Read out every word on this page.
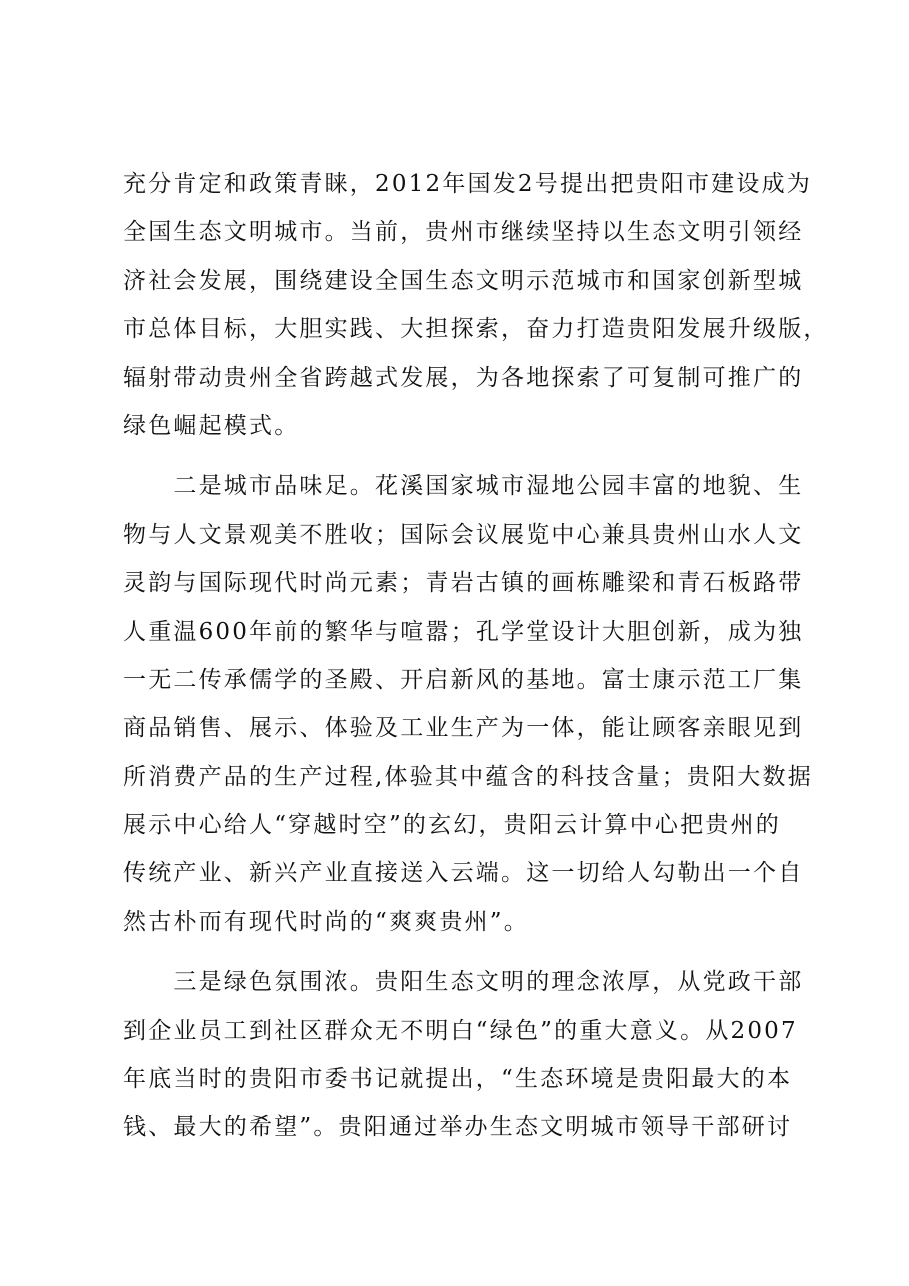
充分肯定和政策青睐，2012年国发2号提出把贵阳市建设成为
全国生态文明城市。当前，贵州市继续坚持以生态文明引领经
济社会发展，围绕建设全国生态文明示范城市和国家创新型城
市总体目标，大胆实践、大担探索，奋力打造贵阳发展升级版，
辐射带动贵州全省跨越式发展，为各地探索了可复制可推广的
绿色崛起模式。
　　二是城市品味足。花溪国家城市湿地公园丰富的地貌、生
物与人文景观美不胜收；国际会议展览中心兼具贵州山水人文
灵韵与国际现代时尚元素；青岩古镇的画栋雕梁和青石板路带
人重温600年前的繁华与喧嚣；孔学堂设计大胆创新，成为独
一无二传承儒学的圣殿、开启新风的基地。富士康示范工厂集
商品销售、展示、体验及工业生产为一体，能让顾客亲眼见到
所消费产品的生产过程,体验其中蕴含的科技含量；贵阳大数据
展示中心给人“穿越时空”的玄幻，贵阳云计算中心把贵州的
传统产业、新兴产业直接送入云端。这一切给人勾勒出一个自
然古朴而有现代时尚的“爽爽贵州”。
　　三是绿色氛围浓。贵阳生态文明的理念浓厚，从党政干部
到企业员工到社区群众无不明白“绿色”的重大意义。从2007
年底当时的贵阳市委书记就提出，“生态环境是贵阳最大的本
钱、最大的希望”。贵阳通过举办生态文明城市领导干部研讨
